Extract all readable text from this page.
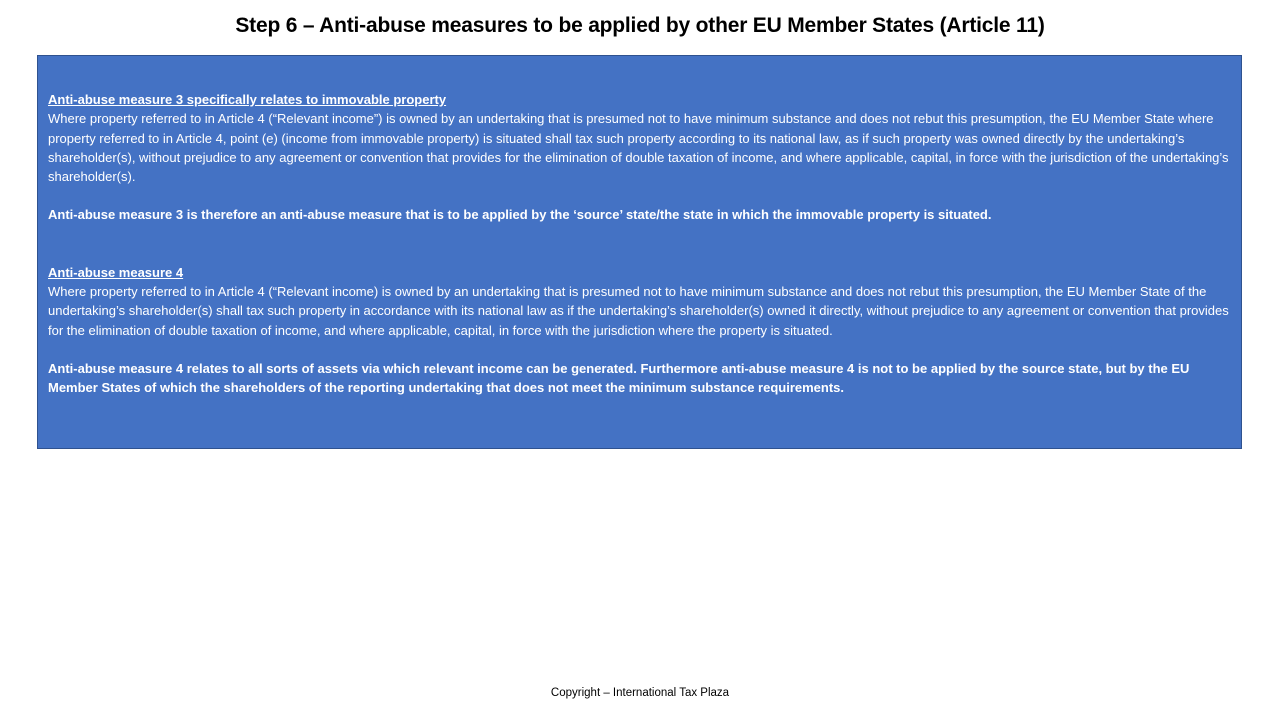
Step 6 – Anti-abuse measures to be applied by other EU Member States (Article 11)
Anti-abuse measure 3 specifically relates to immovable property
Where property referred to in Article 4 (“Relevant income”) is owned by an undertaking that is presumed not to have minimum substance and does not rebut this presumption, the EU Member State where property referred to in Article 4, point (e) (income from immovable property) is situated shall tax such property according to its national law, as if such property was owned directly by the undertaking’s shareholder(s), without prejudice to any agreement or convention that provides for the elimination of double taxation of income, and where applicable, capital, in force with the jurisdiction of the undertaking’s shareholder(s).
Anti-abuse measure 3 is therefore an anti-abuse measure that is to be applied by the ‘source’ state/the state in which the immovable property is situated.
Anti-abuse measure 4
Where property referred to in Article 4 (“Relevant income) is owned by an undertaking that is presumed not to have minimum substance and does not rebut this presumption, the EU Member State of the undertaking’s shareholder(s) shall tax such property in accordance with its national law as if the undertaking’s shareholder(s) owned it directly, without prejudice to any agreement or convention that provides for the elimination of double taxation of income, and where applicable, capital, in force with the jurisdiction where the property is situated.
Anti-abuse measure 4 relates to all sorts of assets via which relevant income can be generated. Furthermore anti-abuse measure 4 is not to be applied by the source state, but by the EU Member States of which the shareholders of the reporting undertaking that does not meet the minimum substance requirements.
Copyright – International Tax Plaza
